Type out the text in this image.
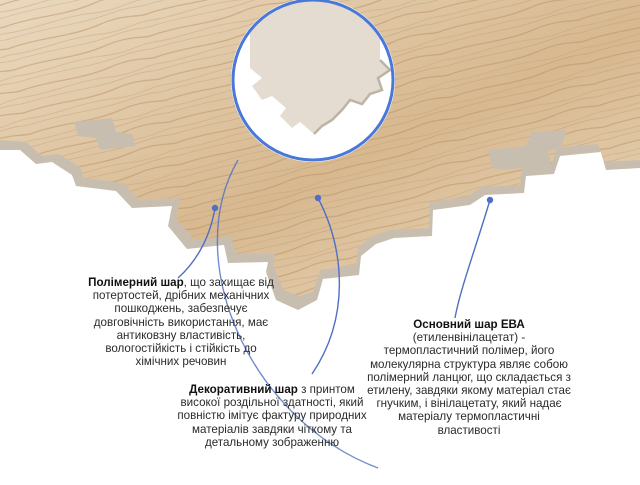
Полімерний шар, що захищає від потертостей, дрібних механічних пошкоджень, забезпечує довговічність використання, має антиковзну властивість, вологостійкість і стійкість до хімічних речовин

Декоративний шар з принтом високої роздільної здатності, який повністю імітує фактуру природних матеріалів завдяки чіткому та детальному зображенню

Основний шар ЕВА (етиленвінілацетат) - термопластичний полімер, його молекулярна структура являє собою полімерний ланцюг, що складається з етилену, завдяки якому матеріал стає гнучким, і вінілацетату, який надає матеріалу термопластичні властивості
